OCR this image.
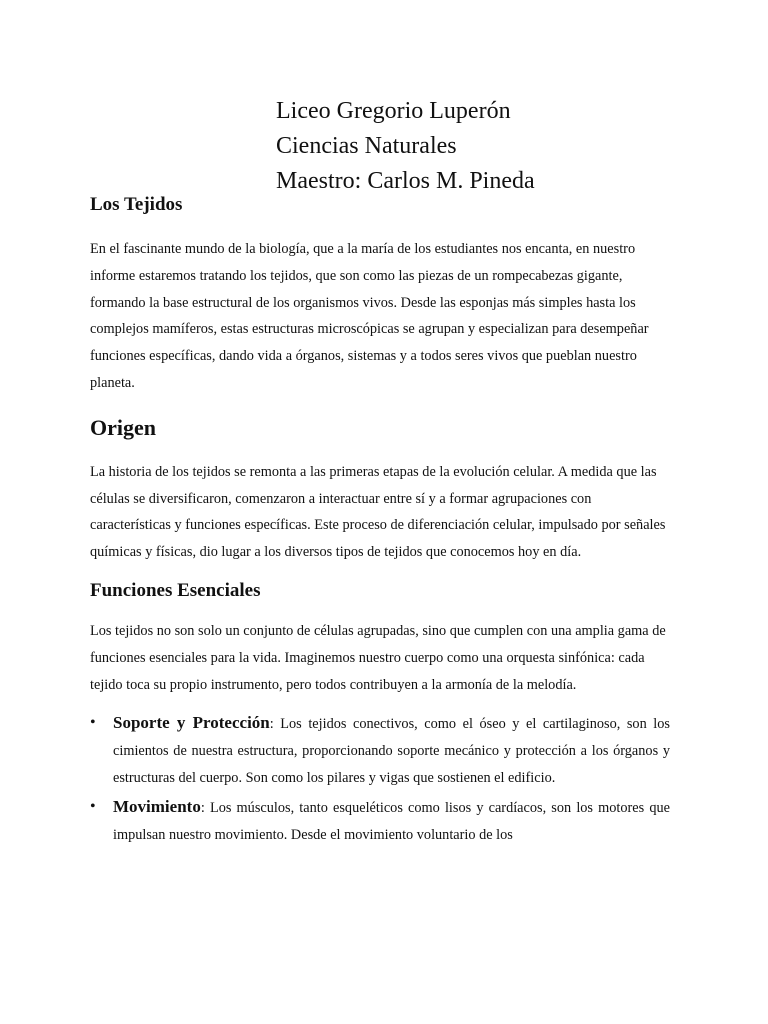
Liceo Gregorio Luperón
Ciencias Naturales
Maestro: Carlos M. Pineda
Los Tejidos

En el fascinante mundo de la biología, que a la maría de los estudiantes nos encanta, en nuestro informe estaremos tratando los tejidos, que son como las piezas de un rompecabezas gigante, formando la base estructural de los organismos vivos. Desde las esponjas más simples hasta los complejos mamíferos, estas estructuras microscópicas se agrupan y especializan para desempeñar funciones específicas, dando vida a órganos, sistemas y a todos seres vivos que pueblan nuestro planeta.

Origen

La historia de los tejidos se remonta a las primeras etapas de la evolución celular. A medida que las células se diversificaron, comenzaron a interactuar entre sí y a formar agrupaciones con características y funciones específicas. Este proceso de diferenciación celular, impulsado por señales químicas y físicas, dio lugar a los diversos tipos de tejidos que conocemos hoy en día.

Funciones Esenciales

Los tejidos no son solo un conjunto de células agrupadas, sino que cumplen con una amplia gama de funciones esenciales para la vida. Imaginemos nuestro cuerpo como una orquesta sinfónica: cada tejido toca su propio instrumento, pero todos contribuyen a la armonía de la melodía.

• Soporte y Protección: Los tejidos conectivos, como el óseo y el cartilaginoso, son los cimientos de nuestra estructura, proporcionando soporte mecánico y protección a los órganos y estructuras del cuerpo. Son como los pilares y vigas que sostienen el edificio.
• Movimiento: Los músculos, tanto esqueléticos como lisos y cardíacos, son los motores que impulsan nuestro movimiento. Desde el movimiento voluntario de los
